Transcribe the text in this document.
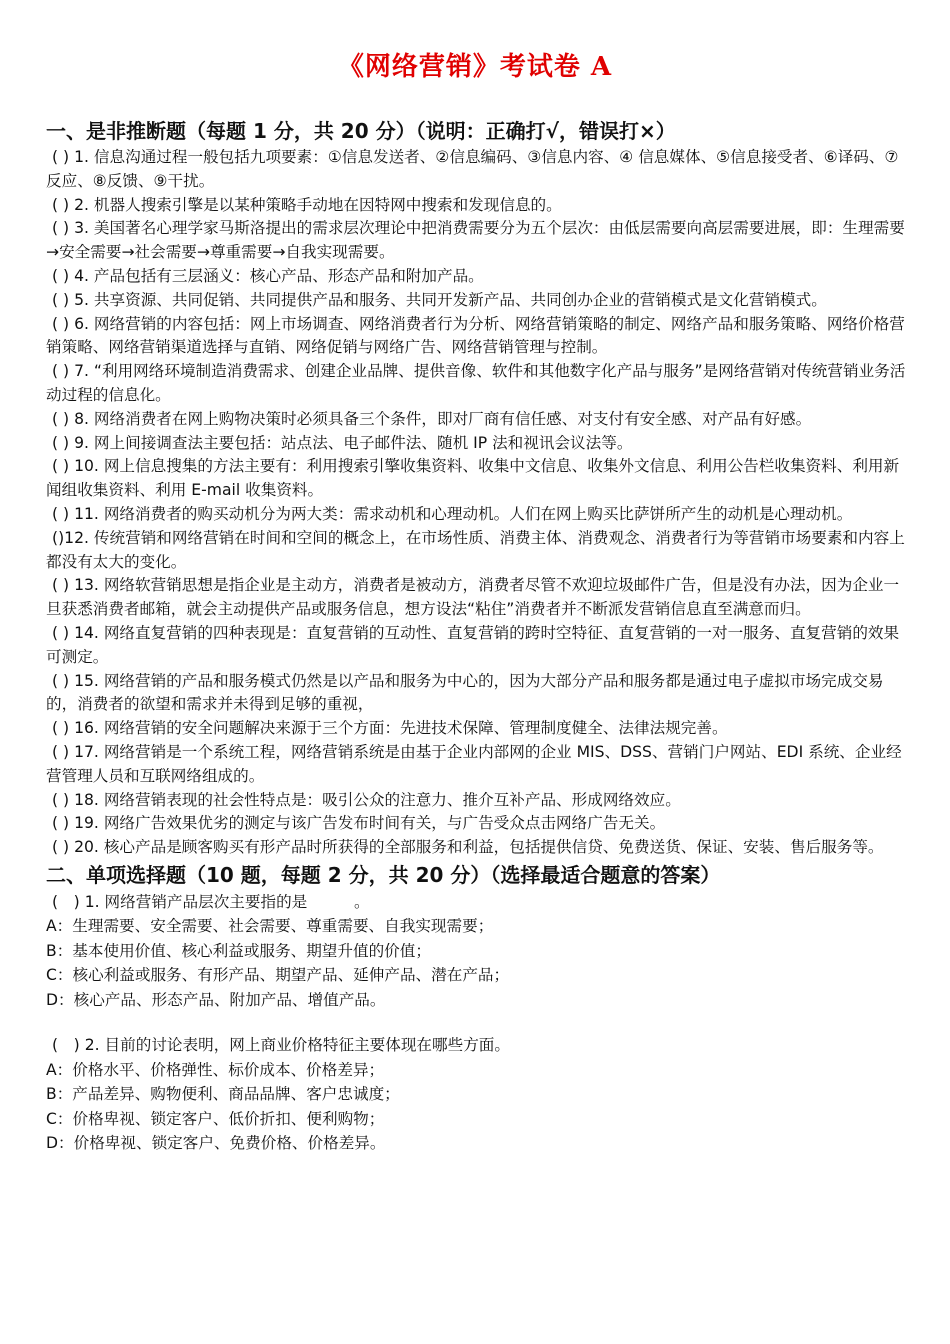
《网络营销》考试卷 A
一、是非推断题（每题 1 分，共 20 分）（说明：正确打√，错误打×）

( ) 1. 信息沟通过程一般包括九项要素：①信息发送者、②信息编码、③信息内容、④ 信息媒体、⑤信息接受者、⑥译码、⑦反应、⑧反馈、⑨干扰。

( ) 2. 机器人搜索引擎是以某种策略手动地在因特网中搜索和发现信息的。

( ) 3. 美国著名心理学家马斯洛提出的需求层次理论中把消费需要分为五个层次：由低层需要向高层需要进展，即：生理需要→安全需要→社会需要→尊重需要→自我实现需要。

( ) 4. 产品包括有三层涵义：核心产品、形态产品和附加产品。

( ) 5. 共享资源、共同促销、共同提供产品和服务、共同开发新产品、共同创办企业的营销模式是文化营销模式。

( ) 6. 网络营销的内容包括：网上市场调查、网络消费者行为分析、网络营销策略的制定、网络产品和服务策略、网络价格营销策略、网络营销渠道选择与直销、网络促销与网络广告、网络营销管理与控制。

( ) 7. “利用网络环境制造消费需求、创建企业品牌、提供音像、软件和其他数字化产品与服务”是网络营销对传统营销业务活动过程的信息化。

( ) 8. 网络消费者在网上购物决策时必须具备三个条件，即对厂商有信任感、对支付有安全感、对产品有好感。

( ) 9. 网上间接调查法主要包括：站点法、电子邮件法、随机 IP 法和视讯会议法等。

( ) 10. 网上信息搜集的方法主要有：利用搜索引擎收集资料、收集中文信息、收集外文信息、利用公告栏收集资料、利用新闻组收集资料、利用 E-mail 收集资料。

( ) 11. 网络消费者的购买动机分为两大类：需求动机和心理动机。人们在网上购买比萨饼所产生的动机是心理动机。

()12. 传统营销和网络营销在时间和空间的概念上，在市场性质、消费主体、消费观念、消费者行为等营销市场要素和内容上都没有太大的变化。

( ) 13. 网络软营销思想是指企业是主动方，消费者是被动方，消费者尽管不欢迎垃圾邮件广告，但是没有办法，因为企业一旦获悉消费者邮箱，就会主动提供产品或服务信息，想方设法“粘住”消费者并不断派发营销信息直至满意而归。

( ) 14. 网络直复营销的四种表现是：直复营销的互动性、直复营销的跨时空特征、直复营销的一对一服务、直复营销的效果可测定。

( ) 15. 网络营销的产品和服务模式仍然是以产品和服务为中心的，因为大部分产品和服务都是通过电子虚拟市场完成交易的，消费者的欲望和需求并未得到足够的重视，

( ) 16. 网络营销的安全问题解决来源于三个方面：先进技术保障、管理制度健全、法律法规完善。

( ) 17. 网络营销是一个系统工程，网络营销系统是由基于企业内部网的企业 MIS、DSS、营销门户网站、EDI 系统、企业经营管理人员和互联网络组成的。

( ) 18. 网络营销表现的社会性特点是：吸引公众的注意力、推介互补产品、形成网络效应。

( ) 19. 网络广告效果优劣的测定与该广告发布时间有关，与广告受众点击网络广告无关。

( ) 20. 核心产品是顾客购买有形产品时所获得的全部服务和利益，包括提供信贷、免费送货、保证、安装、售后服务等。

二、单项选择题（10 题，每题 2 分，共 20 分）（选择最适合题意的答案）

(　) 1. 网络营销产品层次主要指的是　　　。

A：生理需要、安全需要、社会需要、尊重需要、自我实现需要；

B：基本使用价值、核心利益或服务、期望升值的价值；

C：核心利益或服务、有形产品、期望产品、延伸产品、潜在产品；

D：核心产品、形态产品、附加产品、增值产品。

(　) 2. 目前的讨论表明，网上商业价格特征主要体现在哪些方面。

A：价格水平、价格弹性、标价成本、价格差异；

B：产品差异、购物便利、商品品牌、客户忠诚度；

C：价格卑视、锁定客户、低价折扣、便利购物；

D：价格卑视、锁定客户、免费价格、价格差异。
